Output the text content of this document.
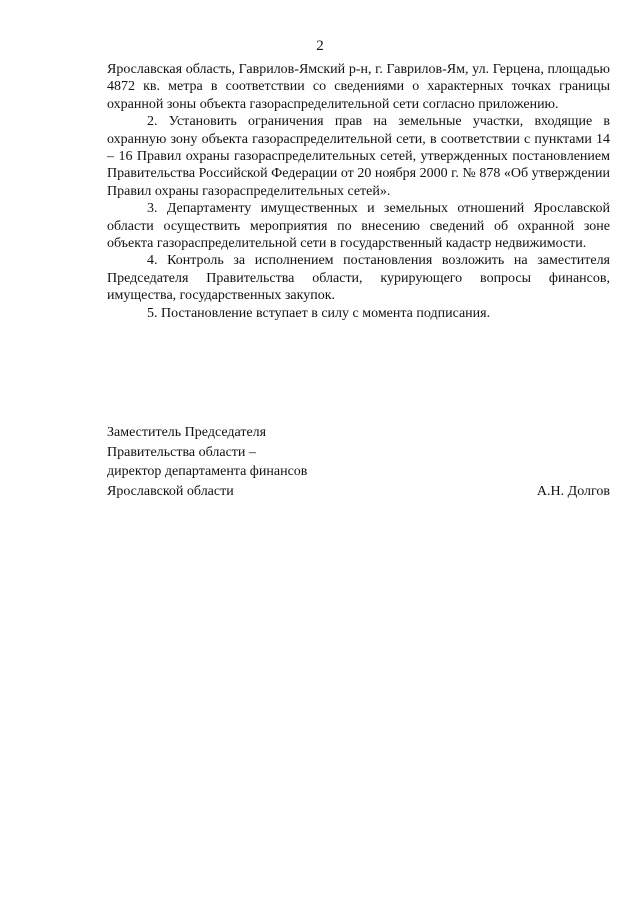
2

Ярославская область, Гаврилов-Ямский р-н, г. Гаврилов-Ям, ул. Герцена, площадью 4872 кв. метра в соответствии со сведениями о характерных точках границы охранной зоны объекта газораспределительной сети согласно приложению.

2. Установить ограничения прав на земельные участки, входящие в охранную зону объекта газораспределительной сети, в соответствии с пунктами 14 – 16 Правил охраны газораспределительных сетей, утвержденных постановлением Правительства Российской Федерации от 20 ноября 2000 г. № 878 «Об утверждении Правил охраны газораспределительных сетей».

3. Департаменту имущественных и земельных отношений Ярославской области осуществить мероприятия по внесению сведений об охранной зоне объекта газораспределительной сети в государственный кадастр недвижимости.

4. Контроль за исполнением постановления возложить на заместителя Председателя Правительства области, курирующего вопросы финансов, имущества, государственных закупок.

5. Постановление вступает в силу с момента подписания.

Заместитель Председателя
Правительства области –
директор департамента финансов
Ярославской области	А.Н. Долгов
